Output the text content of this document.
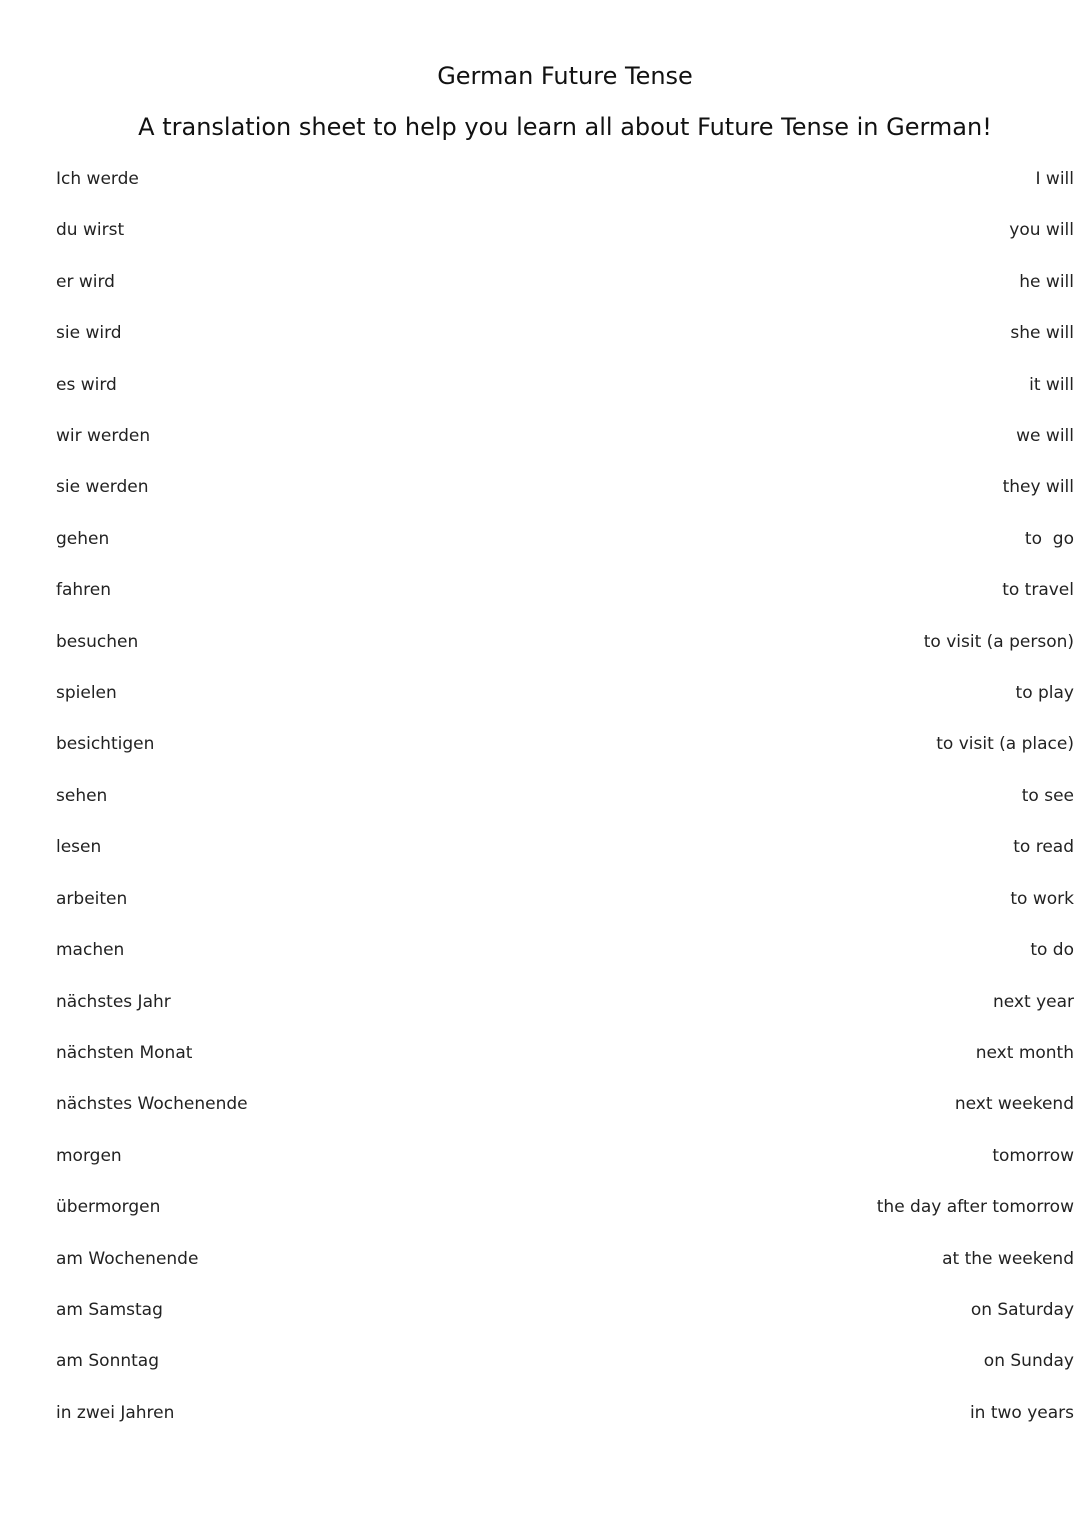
German Future Tense
A translation sheet to help you learn all about Future Tense in German!
Ich werde	I will
du wirst	you will
er wird	he will
sie wird	she will
es wird	it will
wir werden	we will
sie werden	they will
gehen	to  go
fahren	to travel
besuchen	to visit (a person)
spielen	to play
besichtigen	to visit (a place)
sehen	to see
lesen	to read
arbeiten	to work
machen	to do
nächstes Jahr	next year
nächsten Monat	next month
nächstes Wochenende	next weekend
morgen	tomorrow
übermorgen	the day after tomorrow
am Wochenende	at the weekend
am Samstag	on Saturday
am Sonntag	on Sunday
in zwei Jahren	in two years
